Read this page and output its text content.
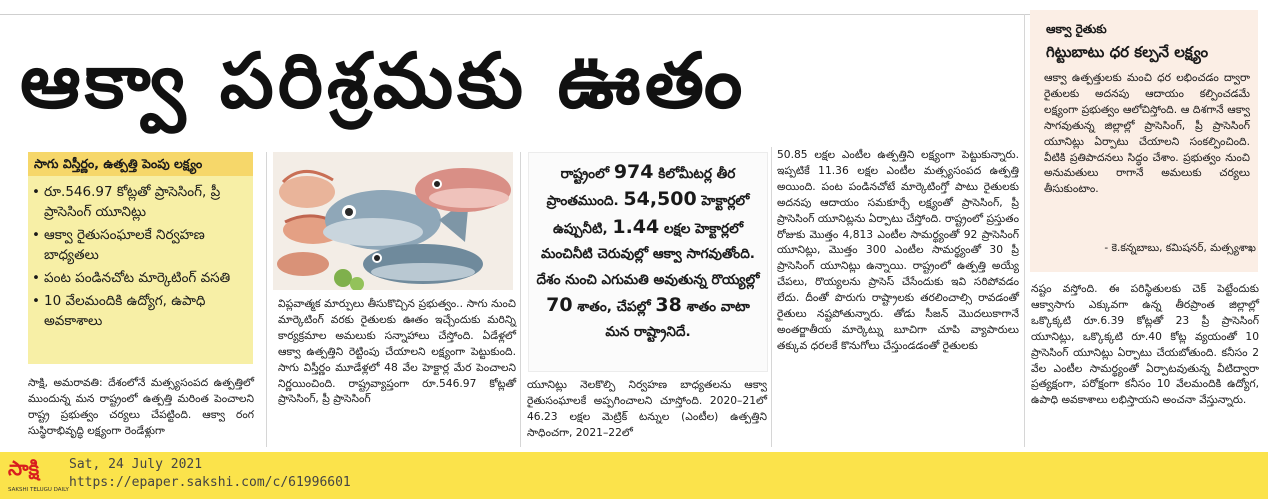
ఆక్వా పరిశ్రమకు ఊతం
ఆక్వా రైతుకు
గిట్టుబాటు ధర కల్పనే లక్ష్యం
ఆక్వా ఉత్పత్తులకు మంచి ధర లభించడం ద్వారా రైతులకు అదనపు ఆదాయం కల్పించడమే లక్ష్యంగా ప్రభుత్వం ఆలోచిస్తోంది. ఆ దిశగానే ఆక్వా సాగవుతున్న జిల్లాల్లో ప్రాసెసింగ్, ప్రీ ప్రాసెసింగ్ యూనిట్లు ఏర్పాటు చేయాలని సంకల్పించింది. వీటికి ప్రతిపాదనలు సిద్ధం చేశాం. ప్రభుత్వం నుంచి అనుమతులు రాగానే అమలుకు చర్యలు తీసుకుంటాం.
- కె.కన్నబాబు, కమిషనర్, మత్స్యశాఖ
సాగు విస్తీర్ణం, ఉత్పత్తి పెంపు లక్ష్యం
• రూ.546.97 కోట్లతో ప్రాసెసింగ్, ప్రీ ప్రాసెసింగ్ యూనిట్లు
• ఆక్వా రైతుసంఘాలకే నిర్వహణ బాధ్యతలు
• పంట పండినచోట మార్కెటింగ్ వసతి
• 10 వేలమందికి ఉద్యోగ, ఉపాధి అవకాశాలు
రాష్ట్రంలో 974 కిలోమీటర్ల తీర ప్రాంతముంది. 54,500 హెక్టార్లలో ఉప్పునీటి, 1.44 లక్షల హెక్టార్లలో మంచినీటి చెరువుల్లో ఆక్వా సాగవుతోంది. దేశం నుంచి ఎగుమతి అవుతున్న రొయ్యల్లో 70 శాతం, చేపల్లో 38 శాతం వాటా మన రాష్ట్రానిదే.
సాక్షి, అమరావతి: దేశంలోనే మత్స్యసంపద ఉత్పత్తిలో ముందున్న మన రాష్ట్రంలో ఉత్పత్తి మరింత పెంచాలని రాష్ట్ర ప్రభుత్వం చర్యలు చేపట్టింది. ఆక్వా రంగ సుస్థిరాభివృద్ధి లక్ష్యంగా రెండేళ్లుగా
విప్లవాత్మక మార్పులు తీసుకొచ్చిన ప్రభుత్వం.. సాగు నుంచి మార్కెటింగ్ వరకు రైతులకు ఊతం ఇచ్చేందుకు మరిన్ని కార్యక్రమాల అమలుకు సన్నాహాలు చేస్తోంది. ఏడేళ్లలో ఆక్వా ఉత్పత్తిని రెట్టింపు చేయాలని లక్ష్యంగా పెట్టుకుంది. సాగు విస్తీర్ణం మూడేళ్లలో 48 వేల హెక్టార్ల మేర పెంచాలని నిర్ణయించింది. రాష్ట్రవ్యాప్తంగా రూ.546.97 కోట్లతో ప్రాసెసింగ్, ప్రీ ప్రాసెసింగ్
యూనిట్లు నెలకొల్పి నిర్వహణ బాధ్యతలను ఆక్వా రైతుసంఘాలకే అప్పగించాలని చూస్తోంది. 2020–21లో 46.23 లక్షల మెట్రిక్ టన్నుల (ఎంటీల) ఉత్పత్తిని సాధించగా, 2021–22లో
50.85 లక్షల ఎంటీల ఉత్పత్తిని లక్ష్యంగా పెట్టుకున్నారు. ఇప్పటికే 11.36 లక్షల ఎంటీల మత్స్యసంపద ఉత్పత్తి అయింది. పంట పండినచోటే మార్కెటింగ్తో పాటు రైతులకు అదనపు ఆదాయం సమకూర్చే లక్ష్యంతో ప్రాసెసింగ్, ప్రీ ప్రాసెసింగ్ యూనిట్లను ఏర్పాటు చేస్తోంది. రాష్ట్రంలో ప్రస్తుతం రోజుకు మొత్తం 4,813 ఎంటీల సామర్థ్యంతో 92 ప్రాసెసింగ్ యూనిట్లు, మొత్తం 300 ఎంటీల సామర్థ్యంతో 30 ప్రీ ప్రాసెసింగ్ యూనిట్లు ఉన్నాయి. రాష్ట్రంలో ఉత్పత్తి అయ్యే చేపలు, రొయ్యలను ప్రాసెస్ చేసేందుకు ఇవి సరిపోవడం లేదు. దీంతో పొరుగు రాష్ట్రాలకు తరలించాల్సి రావడంతో రైతులు నష్టపోతున్నారు. తోడు సీజన్ మొదలుకాగానే అంతర్జాతీయ మార్కెట్ను బూచిగా చూపి వ్యాపారులు తక్కువ ధరలకే కొనుగోలు చేస్తుండడంతో రైతులకు
నష్టం వస్తోంది. ఈ పరిస్థితులకు చెక్ పెట్టేందుకు ఆక్వాసాగు ఎక్కువగా ఉన్న తీరప్రాంత జిల్లాల్లో ఒక్కొక్కటి రూ.6.39 కోట్లతో 23 ప్రీ ప్రాసెసింగ్ యూనిట్లు, ఒక్కొక్కటి రూ.40 కోట్ల వ్యయంతో 10 ప్రాసెసింగ్ యూనిట్లు ఏర్పాటు చేయబోతుంది. కనీసం 2 వేల ఎంటీల సామర్థ్యంతో ఏర్పాటవుతున్న వీటిద్వారా ప్రత్యక్షంగా, పరోక్షంగా కనీసం 10 వేలమందికి ఉద్యోగ, ఉపాధి అవకాశాలు లభిస్తాయని అంచనా వేస్తున్నారు.
సాక్షి
SAKSHI TELUGU DAILY
Sat, 24 July 2021
https://epaper.sakshi.com/c/61996601
